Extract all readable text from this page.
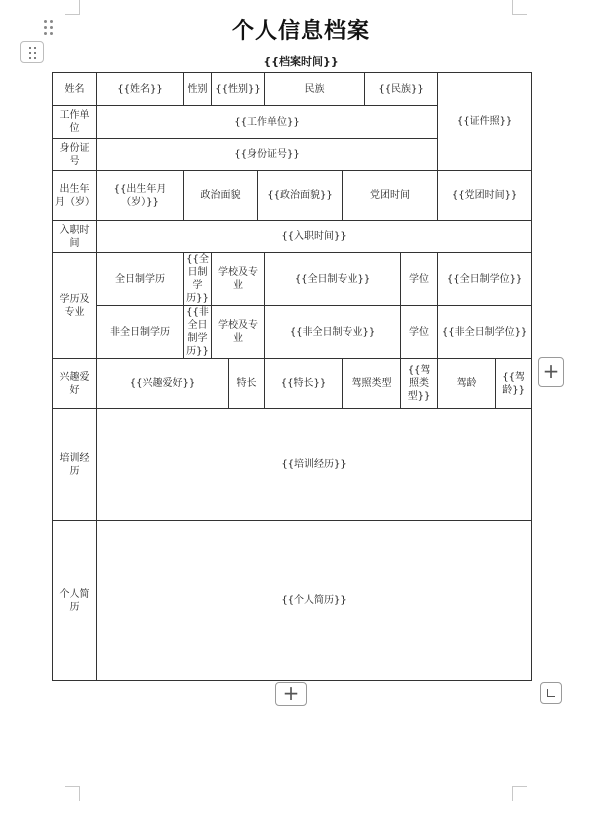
个人信息档案
{{档案时间}}
姓名	{{姓名}}	性别	{{性别}}			民族		{{民族}}		{{证件照}}	
工作单位	{{工作单位}}										
身份证号	{{身份证号}}										
出生年月（岁）	{{出生年月（岁）}}	政治面貌			{{政治面貌}}		党团时间			{{党团时间}}	
入职时间	{{入职时间}}										
学历及专业	全日制学历	{{全日制学历}}	学校及专业			{{全日制专业}}			学位	{{全日制学位}}	
	非全日制学历	{{非全日制学历}}	学校及专业			{{非全日制专业}}			学位	{{非全日制学位}}	
兴趣爱好	{{兴趣爱好}}			特长		{{特长}}	驾照类型		{{驾照类型}}	驾龄	{{驾龄}}
培训经历	{{培训经历}}										
个人简历	{{个人简历}}										
+
+
